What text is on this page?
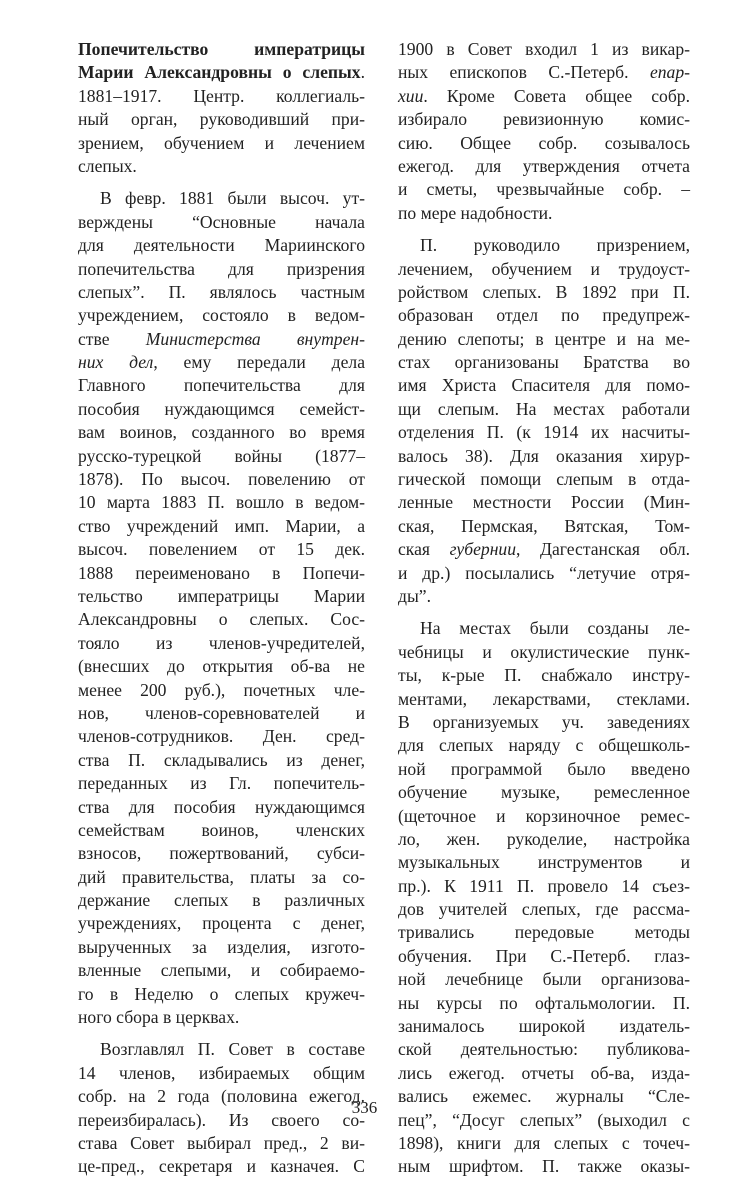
Попечительство императрицы
Марии Александровны о слепых.
1881–1917. Центр. коллегиаль-
ный орган, руководивший при-
зрением, обучением и лечением
слепых.
В февр. 1881 были высоч. ут-
верждены “Основные начала
для деятельности Мариинского
попечительства для призрения
слепых”. П. являлось частным
учреждением, состояло в ведом-
стве Министерства внутрен-
них дел, ему передали дела
Главного попечительства для
пособия нуждающимся семейст-
вам воинов, созданного во время
русско-турецкой войны (1877–
1878). По высоч. повелению от
10 марта 1883 П. вошло в ведом-
ство учреждений имп. Марии, а
высоч. повелением от 15 дек.
1888 переименовано в Попечи-
тельство императрицы Марии
Александровны о слепых. Сос-
тояло из членов-учредителей,
(внесших до открытия об-ва не
менее 200 руб.), почетных чле-
нов, членов-соревнователей и
членов-сотрудников. Ден. сред-
ства П. складывались из денег,
переданных из Гл. попечитель-
ства для пособия нуждающимся
семействам воинов, членских
взносов, пожертвований, субси-
дий правительства, платы за со-
держание слепых в различных
учреждениях, процента с денег,
вырученных за изделия, изгото-
вленные слепыми, и собираемо-
го в Неделю о слепых кружеч-
ного сбора в церквах.
Возглавлял П. Совет в составе
14 членов, избираемых общим
собр. на 2 года (половина ежегод.
переизбиралась). Из своего со-
става Совет выбирал пред., 2 ви-
це-пред., секретаря и казначея. С
1900 в Совет входил 1 из викар-
ных епископов С.-Петерб. епар-
хии. Кроме Совета общее собр.
избирало ревизионную комис-
сию. Общее собр. созывалось
ежегод. для утверждения отчета
и сметы, чрезвычайные собр. –
по мере надобности.
П. руководило призрением,
лечением, обучением и трудоуст-
ройством слепых. В 1892 при П.
образован отдел по предупреж-
дению слепоты; в центре и на ме-
стах организованы Братства во
имя Христа Спасителя для помо-
щи слепым. На местах работали
отделения П. (к 1914 их насчиты-
валось 38). Для оказания хирур-
гической помощи слепым в отда-
ленные местности России (Мин-
ская, Пермская, Вятская, Том-
ская губернии, Дагестанская обл.
и др.) посылались “летучие отря-
ды”.
На местах были созданы ле-
чебницы и окулистические пунк-
ты, к-рые П. снабжало инстру-
ментами, лекарствами, стеклами.
В организуемых уч. заведениях
для слепых наряду с общешколь-
ной программой было введено
обучение музыке, ремесленное
(щеточное и корзиночное ремес-
ло, жен. рукоделие, настройка
музыкальных инструментов и
пр.). К 1911 П. провело 14 съез-
дов учителей слепых, где рассма-
тривались передовые методы
обучения. При С.-Петерб. глаз-
ной лечебнице были организова-
ны курсы по офтальмологии. П.
занималось широкой издатель-
ской деятельностью: публикова-
лись ежегод. отчеты об-ва, изда-
вались ежемес. журналы “Сле-
пец”, “Досуг слепых” (выходил с
1898), книги для слепых с точеч-
ным шрифтом. П. также оказы-
336
